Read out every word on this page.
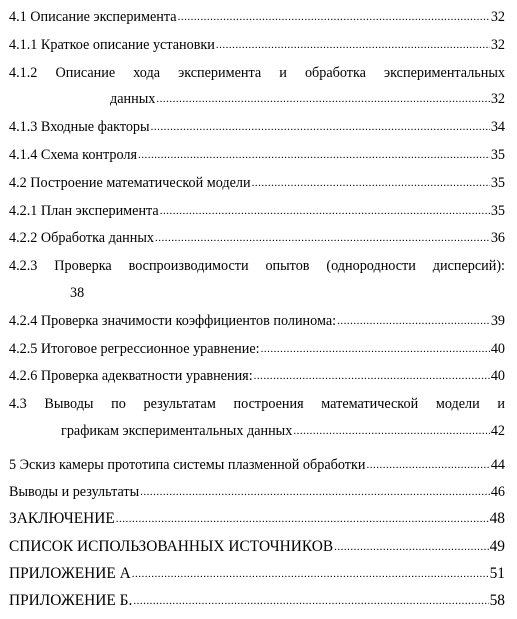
4.1 Описание эксперимента .....	32
4.1.1 Краткое описание установки .....	32
4.1.2 Описание хода эксперимента и обработка экспериментальных
данных .....	32
4.1.3 Входные факторы .....	34
4.1.4 Схема контроля .....	35
4.2 Построение математической модели .....	35
4.2.1 План эксперимента .....	35
4.2.2 Обработка данных .....	36
4.2.3 Проверка воспроизводимости опытов (однородности дисперсий):
38
4.2.4 Проверка значимости коэффициентов полинома: .....	39
4.2.5 Итоговое регрессионное уравнение: .....	40
4.2.6 Проверка адекватности уравнения: .....	40
4.3 Выводы по результатам построения математической модели и
графикам экспериментальных данных .....	42
5 Эскиз камеры прототипа системы плазменной обработки .....	44
Выводы и результаты .....	46
ЗАКЛЮЧЕНИЕ .....	48
СПИСОК ИСПОЛЬЗОВАННЫХ ИСТОЧНИКОВ .....	49
ПРИЛОЖЕНИЕ А .....	51
ПРИЛОЖЕНИЕ Б. .....	58
